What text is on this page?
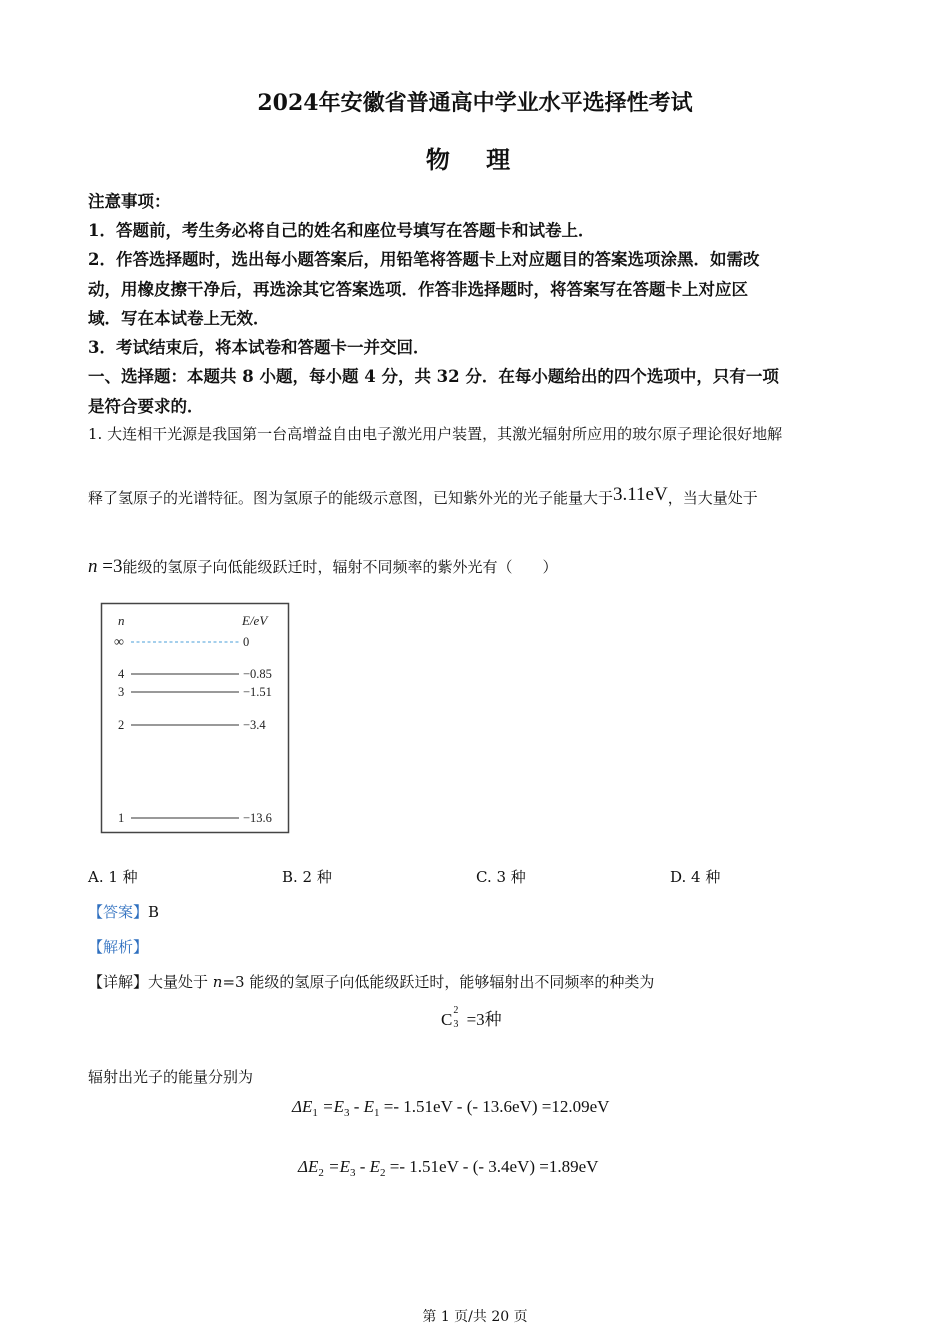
2024年安徽省普通高中学业水平选择性考试
物 理
注意事项：
1．答题前，考生务必将自己的姓名和座位号填写在答题卡和试卷上．
2．作答选择题时，选出每小题答案后，用铅笔将答题卡上对应题目的答案选项涂黑．如需改
动，用橡皮擦干净后，再选涂其它答案选项．作答非选择题时，将答案写在答题卡上对应区
域．写在本试卷上无效．
3．考试结束后，将本试卷和答题卡一并交回．
一、选择题：本题共 8 小题，每小题 4 分，共 32 分．在每小题给出的四个选项中，只有一项
是符合要求的．
1. 大连相干光源是我国第一台高增益自由电子激光用户装置，其激光辐射所应用的玻尔原子理论很好地解
释了氢原子的光谱特征。图为氢原子的能级示意图，已知紫外光的光子能量大于3.11eV，当大量处于
n =3能级的氢原子向低能级跃迁时，辐射不同频率的紫外光有（　　）
n	E/eV
∞	0
4	−0.85
3	−1.51
2	−3.4
1	−13.6
A. 1 种	B. 2 种	C. 3 种	D. 4 种
【答案】B
【解析】
【详解】大量处于 n=3 能级的氢原子向低能级跃迁时，能够辐射出不同频率的种类为
C 2
3 =3种
辐射出光子的能量分别为
$\Delta E_1 =E_3 - E_1 =- 1.51eV$ - (- 13.6eV) =12.09eV
$\Delta E_2 =E_3 - E_2 =- 1.51eV$ - (- 3.4eV) =1.89eV
第 1 页/共 20 页
